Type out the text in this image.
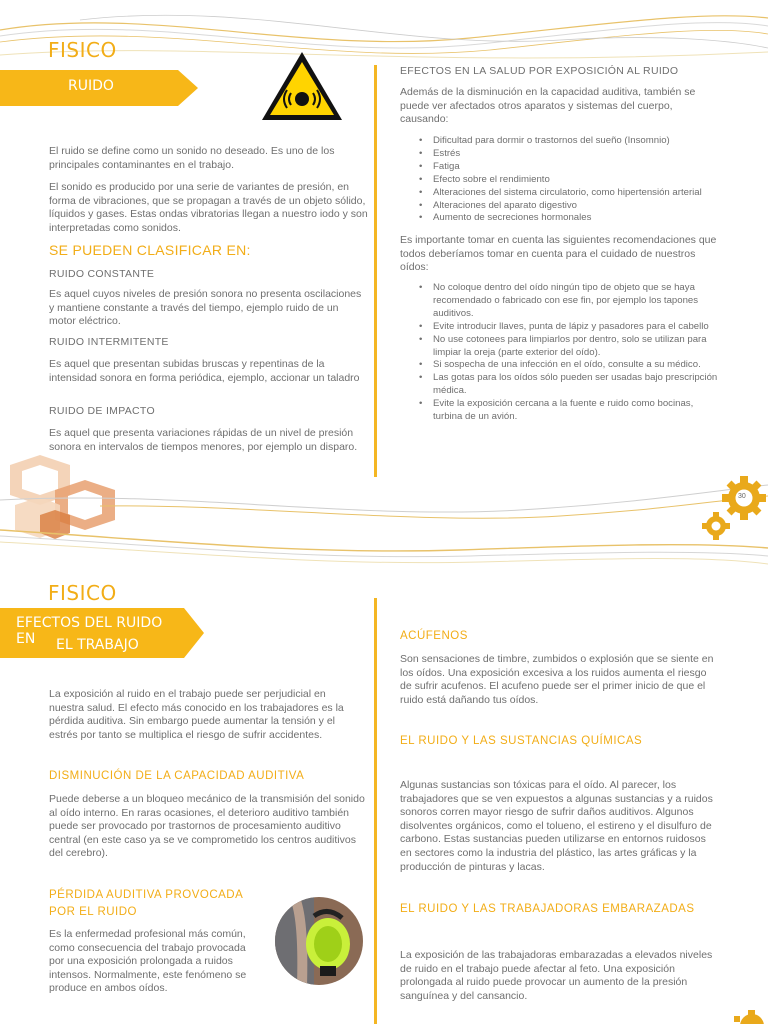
FISICO
RUIDO
El ruido se define como un sonido no deseado. Es uno de los principales contaminantes en el trabajo.
El sonido es producido por una serie de variantes de presión, en forma de vibraciones, que se propagan a través de un objeto sólido, líquidos y gases. Estas ondas vibratorias llegan a nuestro iodo y son interpretadas como sonidos.
SE PUEDEN CLASIFICAR EN:
RUIDO CONSTANTE
Es aquel cuyos niveles de presión sonora no presenta oscilaciones y mantiene constante a través del tiempo, ejemplo ruido de un motor eléctrico.
RUIDO INTERMITENTE
Es aquel que presentan subidas bruscas y repentinas de la intensidad sonora en forma periódica, ejemplo, accionar un taladro
RUIDO DE IMPACTO
Es aquel que presenta variaciones rápidas de un nivel de presión sonora en intervalos de tiempos menores, por ejemplo un disparo.
EFECTOS EN LA SALUD POR EXPOSICIÓN AL RUIDO
Además de la disminución en la capacidad auditiva, también se puede ver afectados otros aparatos y sistemas del cuerpo, causando:
• Dificultad para dormir o trastornos del sueño (Insomnio)
• Estrés
• Fatiga
• Efecto sobre el rendimiento
• Alteraciones del sistema circulatorio, como hipertensión arterial
• Alteraciones del aparato digestivo
• Aumento de secreciones hormonales
Es importante tomar en cuenta las siguientes recomendaciones que todos deberíamos tomar en cuenta para el cuidado de nuestros oídos:
• No coloque dentro del oído ningún tipo de objeto que se haya recomendado o fabricado con ese fin, por ejemplo los tapones auditivos.
• Evite introducir llaves, punta de lápiz y pasadores para el cabello
• No use cotonees para limpiarlos por dentro, solo se utilizan para limpiar la oreja (parte exterior del oído).
• Si sospecha de una infección en el oído, consulte a su médico.
• Las gotas para los oídos sólo pueden ser usadas bajo prescripción médica.
• Evite la exposición cercana a la fuente e ruido como bocinas, turbina de un avión.
30
FISICO
EFECTOS DEL RUIDO EN	EL TRABAJO
La exposición al ruido en el trabajo puede ser perjudicial en nuestra salud. El efecto más conocido en los trabajadores es la pérdida auditiva. Sin embargo puede aumentar la tensión y el estrés por tanto se multiplica el riesgo de sufrir accidentes.
DISMINUCIÓN DE LA CAPACIDAD AUDITIVA
Puede deberse a un bloqueo mecánico de la transmisión del sonido al oído interno. En raras ocasiones, el deterioro auditivo también puede ser provocado por trastornos de procesamiento auditivo central (en este caso ya se ve comprometido los centros auditivos del cerebro).
PÉRDIDA AUDITIVA PROVOCADA
POR EL RUIDO
Es la enfermedad profesional más común, como consecuencia del trabajo provocada por una exposición prolongada a ruidos intensos. Normalmente, este fenómeno se produce en ambos oídos.
ACÚFENOS
Son sensaciones de timbre, zumbidos o explosión que se siente en los oídos. Una exposición excesiva a los ruidos aumenta el riesgo de sufrir acufenos. El acufeno puede ser el primer inicio de que el ruido está dañando tus oídos.
EL RUIDO Y LAS SUSTANCIAS QUÍMICAS
Algunas sustancias son tóxicas para el oído. Al parecer, los trabajadores que se ven expuestos a algunas sustancias y a ruidos sonoros corren mayor riesgo de sufrir daños auditivos. Algunos disolventes orgánicos, como el tolueno, el estireno y el disulfuro de carbono. Estas sustancias pueden utilizarse en entornos ruidosos en sectores como la industria del plástico, las artes gráficas y la producción de pinturas y lacas.
EL RUIDO Y LAS TRABAJADORAS EMBARAZADAS
La exposición de las trabajadoras embarazadas a elevados niveles de ruido en el trabajo puede afectar al feto. Una exposición prolongada al ruido puede provocar un aumento de la presión sanguínea y del cansancio.
